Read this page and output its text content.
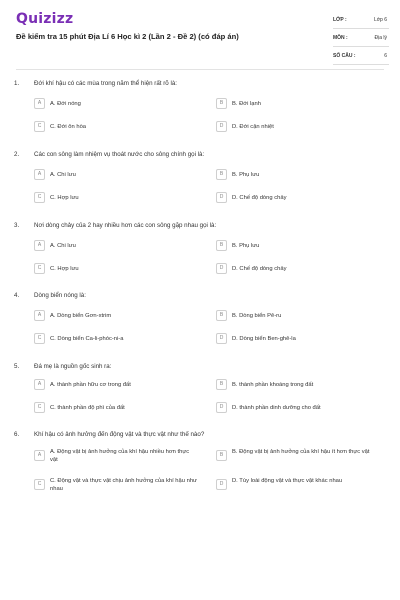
Quizizz
Đề kiểm tra 15 phút Địa Lí 6 Học kì 2 (Lần 2 - Đề 2) (có đáp án)
LỚP :	Lớp 6
MÔN :	Địa lý
SỐ CÂU :	6
1. Đới khí hậu có các mùa trong năm thể hiện rất rõ là:
A	A. Đới nóng	B	B. Đới lạnh
C	C. Đới ôn hòa	D	D. Đới cận nhiệt
2. Các con sông làm nhiệm vụ thoát nước cho sông chính gọi là:
A	A. Chi lưu	B	B. Phụ lưu
C	C. Hợp lưu	D	D. Chế độ dòng chảy
3. Nơi dòng chảy của 2 hay nhiều hơn các con sông gặp nhau gọi là:
A	A. Chi lưu	B	B. Phụ lưu
C	C. Hợp lưu	D	D. Chế độ dòng chảy
4. Dòng biển nóng là:
A	A. Dòng biển Gơn-xtrim	B	B. Dòng biển Pê-ru
C	C. Dòng biển Ca-li-phóc-ni-a	D	D. Dòng biển Ben-ghê-la
5. Đá mẹ là nguồn gốc sinh ra:
A	A. thành phần hữu cơ trong đất	B	B. thành phần khoáng trong đất
C	C. thành phần độ phì của đất	D	D. thành phần dinh dưỡng cho đất
6. Khí hậu có ảnh hưởng đến động vật và thực vật như thế nào?
A	A. Động vật bị ảnh hưởng của khí hậu nhiều hơn thực vật
B	B. Động vật bị ảnh hưởng của khí hậu ít hơn thực vật
C	C. Động vật và thực vật chịu ảnh hưởng của khí hậu như nhau
D	D. Tùy loài động vật và thực vật khác nhau
